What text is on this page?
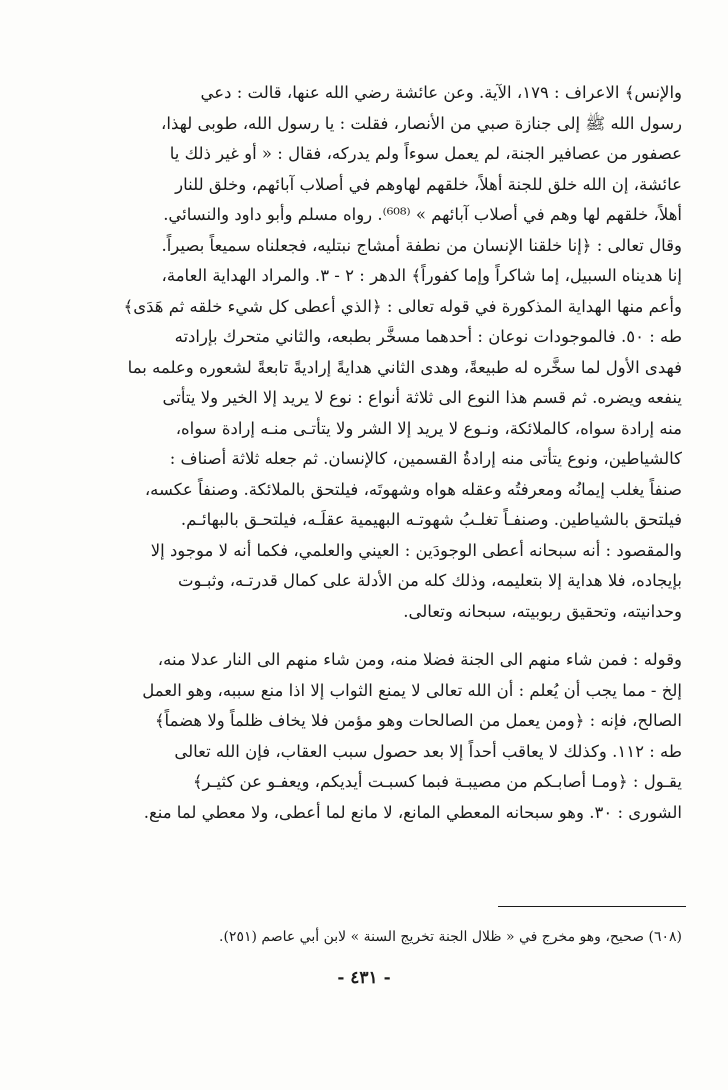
والإنس﴾ الاعراف : ١٧٩، الآية. وعن عائشة رضي الله عنها، قالت : دعي

رسول الله ﷺ إلى جنازة صبي من الأنصار، فقلت : يا رسول الله، طوبى لهذا،

عصفور من عصافير الجنة، لم يعمل سوءاً ولم يدركه، فقال : « أو غير ذلك يا

عائشة، إن الله خلق للجنة أهلاً، خلقهم لهاوهم في أصلاب آبائهم، وخلق للنار

أهلاً، خلقهم لها وهم في أصلاب آبائهم » ⁽⁶⁰⁸⁾. رواه مسلم وأبو داود والنسائي.

وقال تعالى : ﴿إنا خلقنا الإنسان من نطفة أمشاج نبتليه، فجعلناه سميعاً بصيراً.

إنا هديناه السبيل، إما شاكراً وإما كفوراً﴾ الدهر : ٢ - ٣. والمراد الهداية العامة،

وأعم منها الهداية المذكورة في قوله تعالى : ﴿الذي أعطى كل شيء خلقه ثم هَدَى﴾

طه : ٥٠. فالموجودات نوعان : أحدهما مسخَّر بطبعه، والثاني متحرك بإرادته

فهدى الأول لما سخَّره له طبيعةً، وهدى الثاني هدايةً إراديةً تابعةً لشعوره وعلمه بما

ينفعه ويضره. ثم قسم هذا النوع الى ثلاثة أنواع : نوع لا يريد إلا الخير ولا يتأتى

منه إرادة سواه، كالملائكة، ونـوع لا يريد إلا الشر ولا يتأتـى منـه إرادة سواه،

كالشياطين، ونوع يتأتى منه إرادةُ القسمين، كالإنسان. ثم جعله ثلاثة أصناف :

صنفاً يغلب إيمانُه ومعرفتُه وعقله هواه وشهوتَه، فيلتحق بالملائكة. وصنفاً عكسه،

فيلتحق بالشياطين. وصنفـاً تغلـبُ شهوتـه البهيمية عقلَـه، فيلتحـق بالبهائـم.

والمقصود : أنه سبحانه أعطى الوجودَين : العيني والعلمي، فكما أنه لا موجود إلا

بإيجاده، فلا هداية إلا بتعليمه، وذلك كله من الأدلة على كمال قدرتـه، وثبـوت

وحدانيته، وتحقيق ربوبيته، سبحانه وتعالى.

وقوله : فمن شاء منهم الى الجنة فضلا منه، ومن شاء منهم الى النار عدلا منه،

إلخ - مما يجب أن يُعلم : أن الله تعالى لا يمنع الثواب إلا اذا منع سببه، وهو العمل

الصالح، فإنه : ﴿ومن يعمل من الصالحات وهو مؤمن فلا يخاف ظلماً ولا هضماً﴾

طه : ١١٢. وكذلك لا يعاقب أحداً إلا بعد حصول سبب العقاب، فإن الله تعالى

يقـول : ﴿ومـا أصابـكم من مصيبـة فبما كسبـت أيديكم، ويعفـو عن كثيـر﴾

الشورى : ٣٠. وهو سبحانه المعطي المانع، لا مانع لما أعطى، ولا معطي لما منع.

(٦٠٨) صحيح، وهو مخرج في « ظلال الجنة تخريج السنة » لابن أبي عاصم (٢٥١).
- ٤٣١ -
